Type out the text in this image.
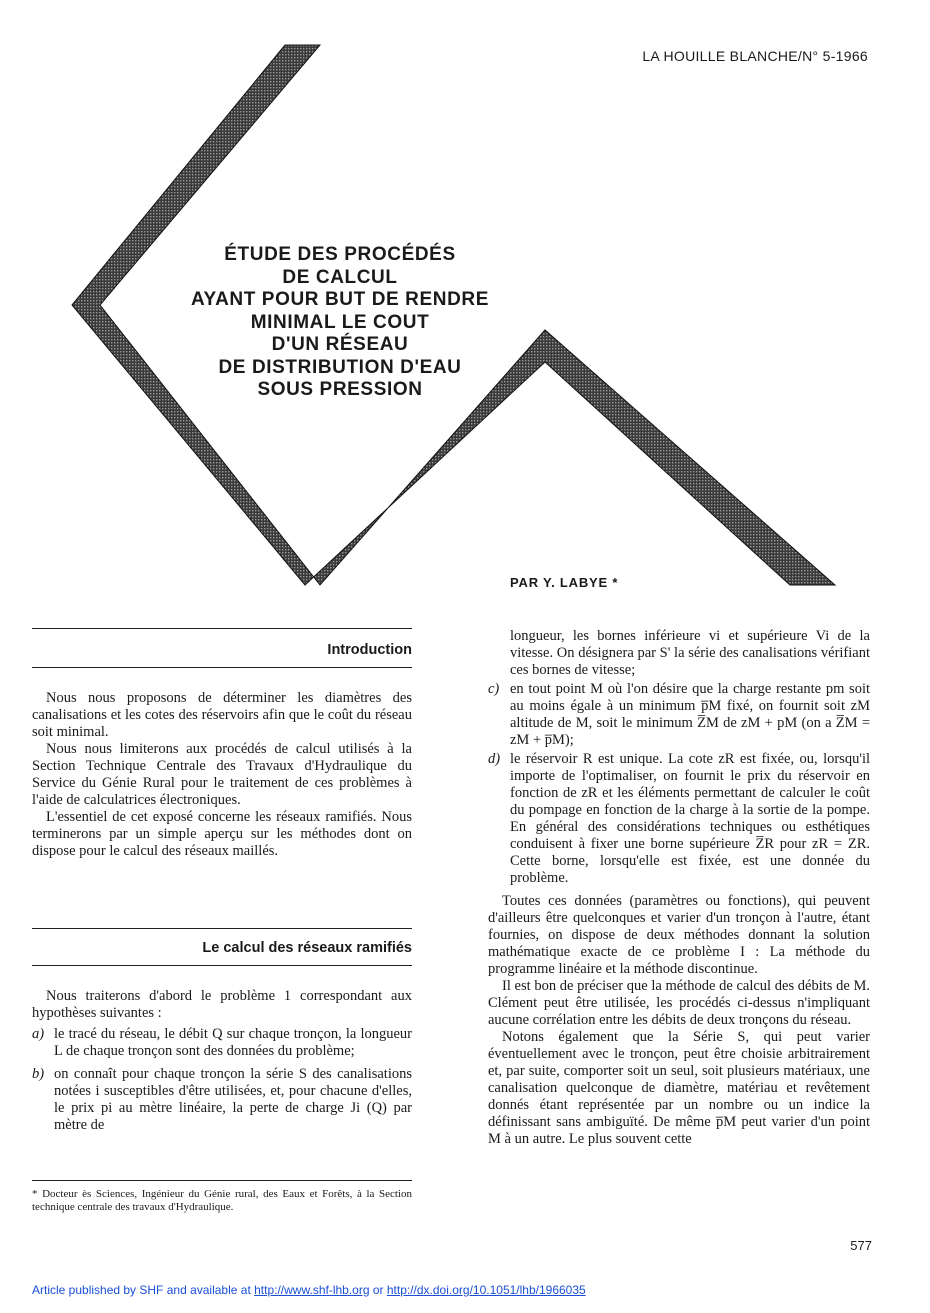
LA HOUILLE BLANCHE/N° 5-1966
ÉTUDE DES PROCÉDÉS
DE CALCUL
AYANT POUR BUT DE RENDRE
MINIMAL LE COUT
D'UN RÉSEAU
DE DISTRIBUTION D'EAU
SOUS PRESSION
PAR Y. LABYE *
Introduction

Nous nous proposons de déterminer les diamètres des canalisations et les cotes des réservoirs afin que le coût du réseau soit minimal.

Nous nous limiterons aux procédés de calcul utilisés à la Section Technique Centrale des Travaux d'Hydraulique du Service du Génie Rural pour le traitement de ces problèmes à l'aide de calculatrices électroniques.

L'essentiel de cet exposé concerne les réseaux ramifiés. Nous terminerons par un simple aperçu sur les méthodes dont on dispose pour le calcul des réseaux maillés.

Le calcul des réseaux ramifiés

Nous traiterons d'abord le problème 1 correspondant aux hypothèses suivantes :

a) le tracé du réseau, le débit Q sur chaque tronçon, la longueur L de chaque tronçon sont des données du problème;

b) on connaît pour chaque tronçon la série S des canalisations notées i susceptibles d'être utilisées, et, pour chacune d'elles, le prix pi au mètre linéaire, la perte de charge Ji (Q) par mètre de

* Docteur ès Sciences, Ingénieur du Génie rural, des Eaux et Forêts, à la Section technique centrale des travaux d'Hydraulique.

longueur, les bornes inférieure vi et supérieure Vi de la vitesse. On désignera par S' la série des canalisations vérifiant ces bornes de vitesse;

c) en tout point M où l'on désire que la charge restante pm soit au moins égale à un minimum p̅M fixé, on fournit soit zM altitude de M, soit le minimum Z̅M de zM + pM (on a Z̅M = zM + p̅M);

d) le réservoir R est unique. La cote zR est fixée, ou, lorsqu'il importe de l'optimaliser, on fournit le prix du réservoir en fonction de zR et les éléments permettant de calculer le coût du pompage en fonction de la charge à la sortie de la pompe. En général des considérations techniques ou esthétiques conduisent à fixer une borne supérieure Z̅R pour zR = ZR. Cette borne, lorsqu'elle est fixée, est une donnée du problème.

Toutes ces données (paramètres ou fonctions), qui peuvent d'ailleurs être quelconques et varier d'un tronçon à l'autre, étant fournies, on dispose de deux méthodes donnant la solution mathématique exacte de ce problème I : La méthode du programme linéaire et la méthode discontinue.

Il est bon de préciser que la méthode de calcul des débits de M. Clément peut être utilisée, les procédés ci-dessus n'impliquant aucune corrélation entre les débits de deux tronçons du réseau.

Notons également que la Série S, qui peut varier éventuellement avec le tronçon, peut être choisie arbitrairement et, par suite, comporter soit un seul, soit plusieurs matériaux, une canalisation quelconque de diamètre, matériau et revêtement donnés étant représentée par un nombre ou un indice la définissant sans ambiguïté. De même p̅M peut varier d'un point M à un autre. Le plus souvent cette

577
Article published by SHF and available at http://www.shf-lhb.org or http://dx.doi.org/10.1051/lhb/1966035
